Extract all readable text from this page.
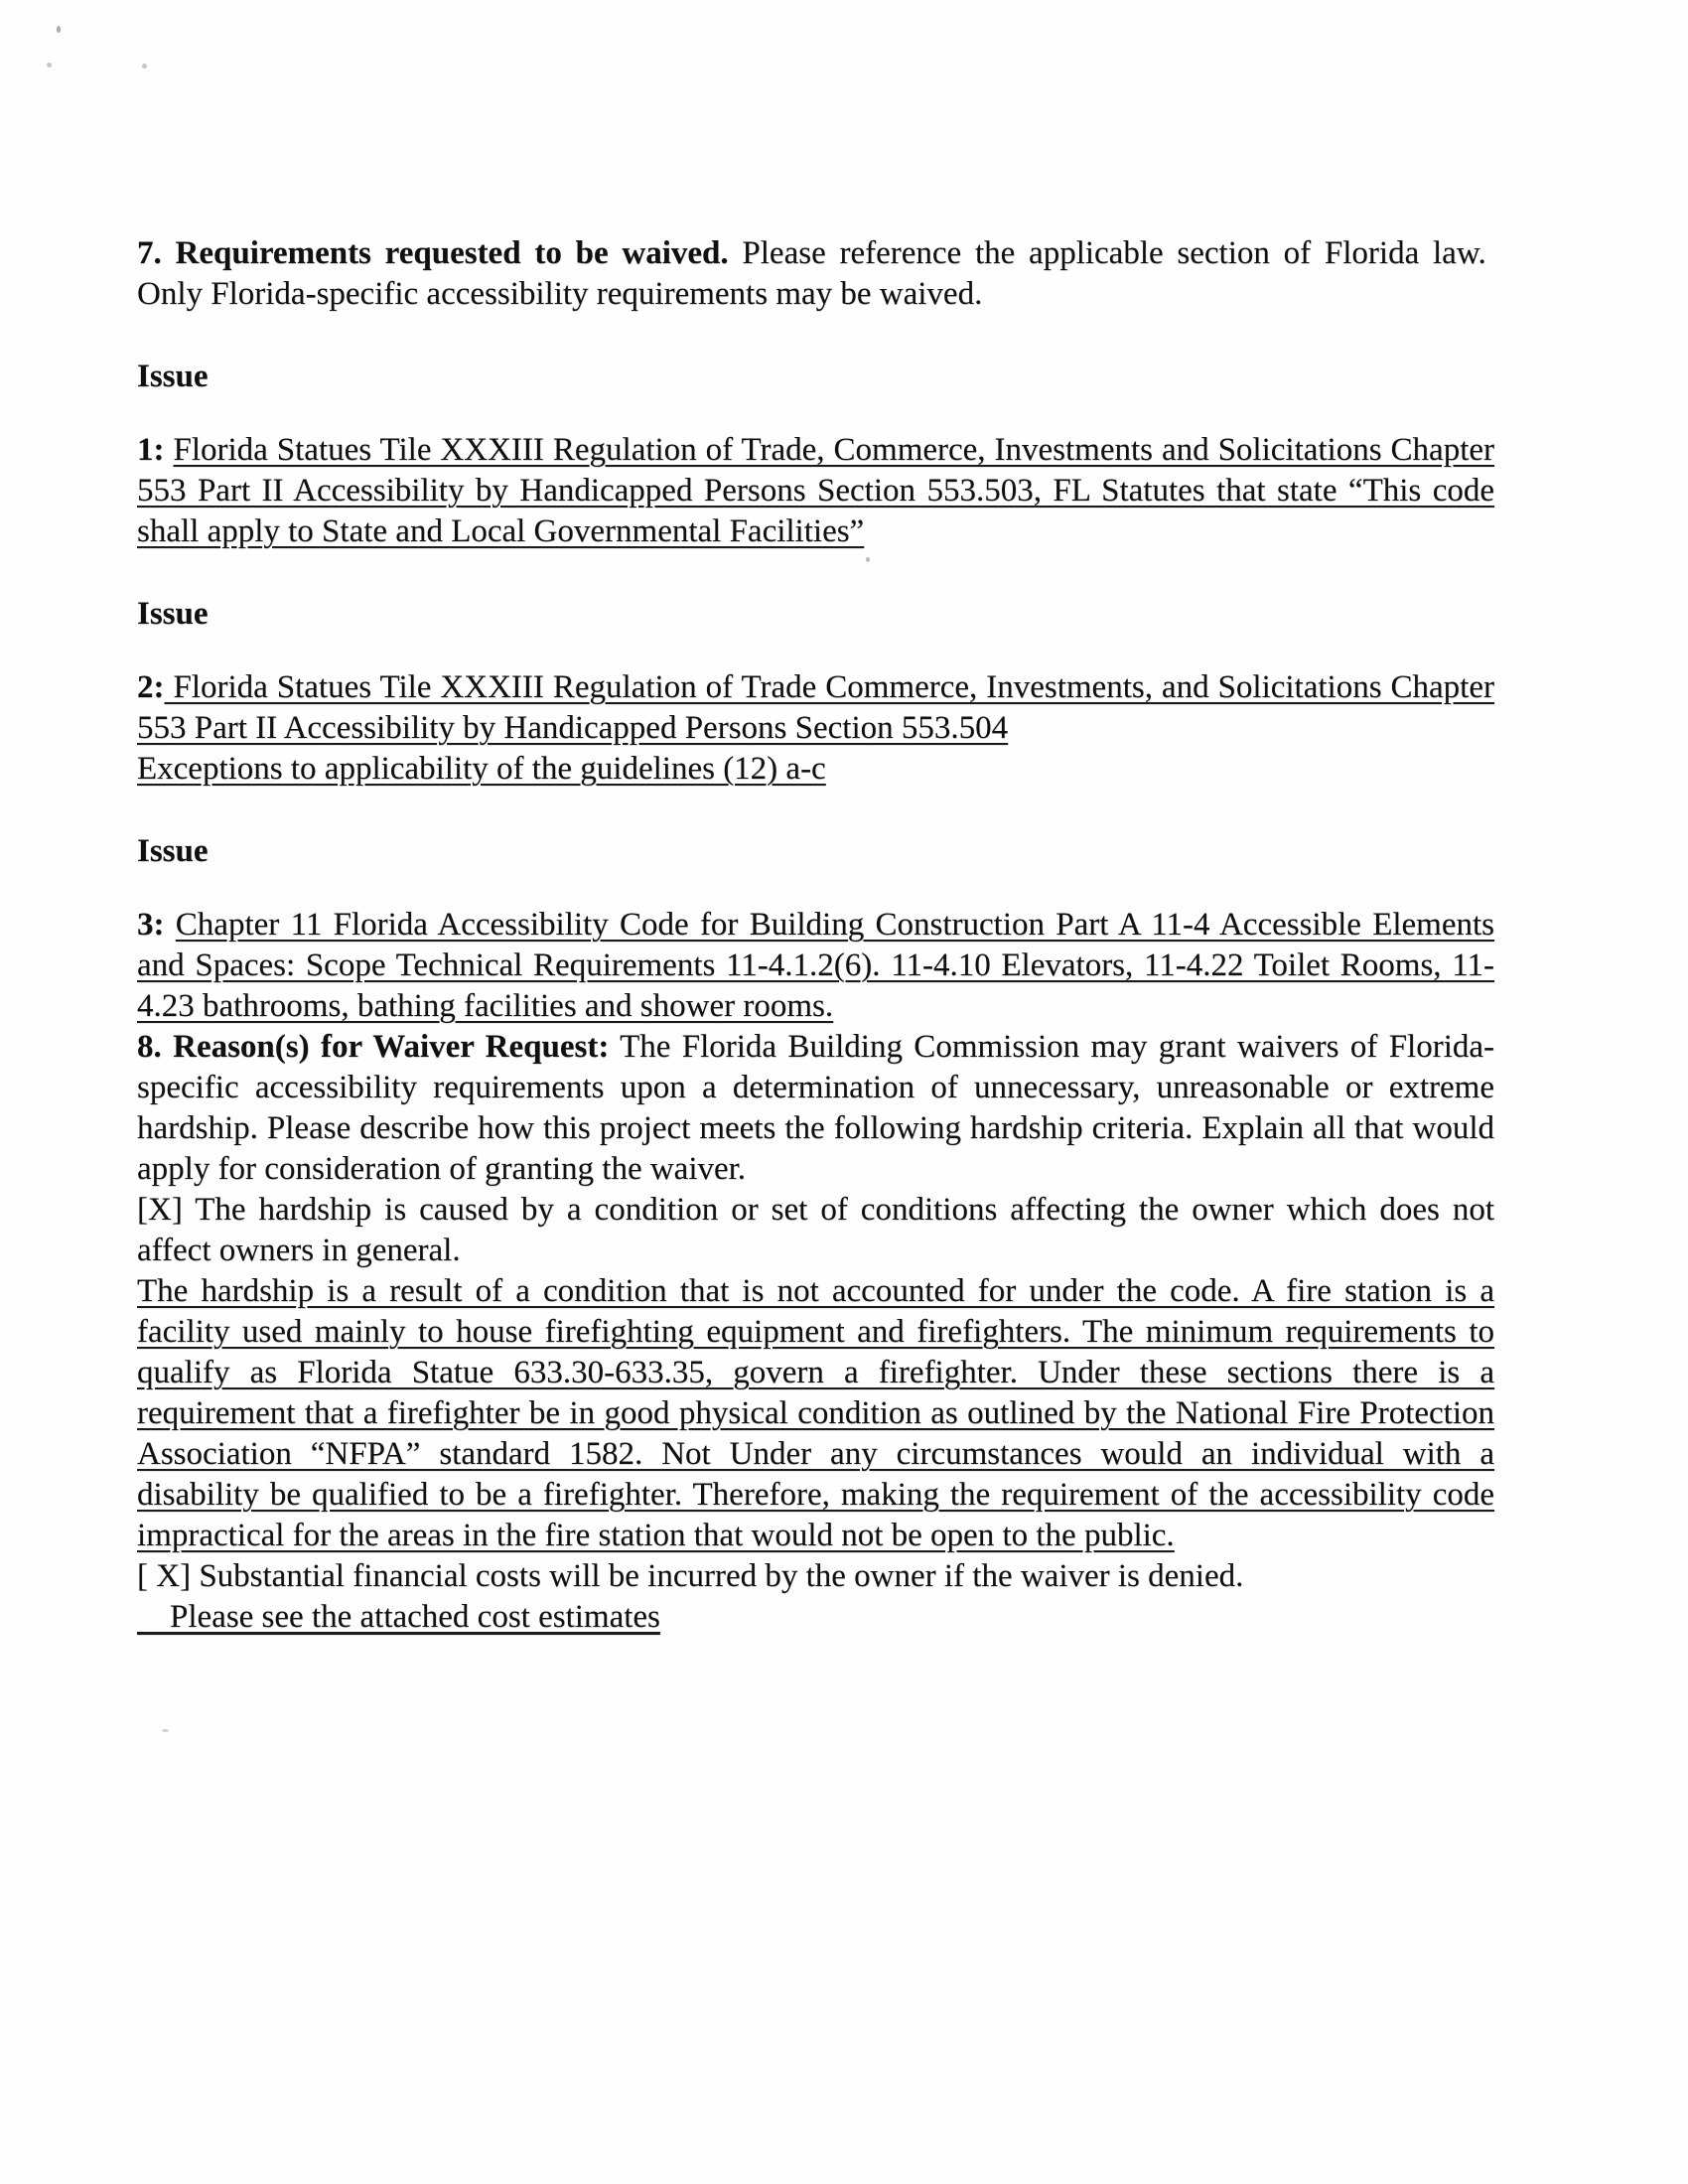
7. Requirements requested to be waived. Please reference the applicable section of Florida law.  Only Florida-specific accessibility requirements may be waived.

Issue

1: Florida Statues Tile XXXIII Regulation of Trade, Commerce, Investments and Solicitations Chapter 553 Part II Accessibility by Handicapped Persons Section 553.503, FL Statutes that state “This code shall apply to State and Local Governmental Facilities”

Issue

2: Florida Statues Tile XXXIII Regulation of Trade Commerce, Investments, and Solicitations Chapter 553 Part II Accessibility by Handicapped Persons Section 553.504
Exceptions to applicability of the guidelines (12) a-c

Issue

3: Chapter 11 Florida Accessibility Code for Building Construction Part A 11-4 Accessible Elements and Spaces: Scope Technical Requirements 11-4.1.2(6). 11-4.10 Elevators, 11-4.22 Toilet Rooms, 11-4.23 bathrooms, bathing facilities and shower rooms.

8. Reason(s) for Waiver Request: The Florida Building Commission may grant waivers of Florida-specific accessibility requirements upon a determination of unnecessary, unreasonable or extreme hardship. Please describe how this project meets the following hardship criteria. Explain all that would apply for consideration of granting the waiver.

[X] The hardship is caused by a condition or set of conditions affecting the owner which does not affect owners in general.
The hardship is a result of a condition that is not accounted for under the code. A fire station is a facility used mainly to house firefighting equipment and firefighters. The minimum requirements to qualify as Florida Statue 633.30-633.35, govern a firefighter. Under these sections there is a requirement that a firefighter be in good physical condition as outlined by the National Fire Protection Association “NFPA” standard 1582. Not Under any circumstances would an individual with a disability be qualified to be a firefighter. Therefore, making the requirement of the accessibility code impractical for the areas in the fire station that would not be open to the public.

[ X] Substantial financial costs will be incurred by the owner if the waiver is denied.

Please see the attached cost estimates
